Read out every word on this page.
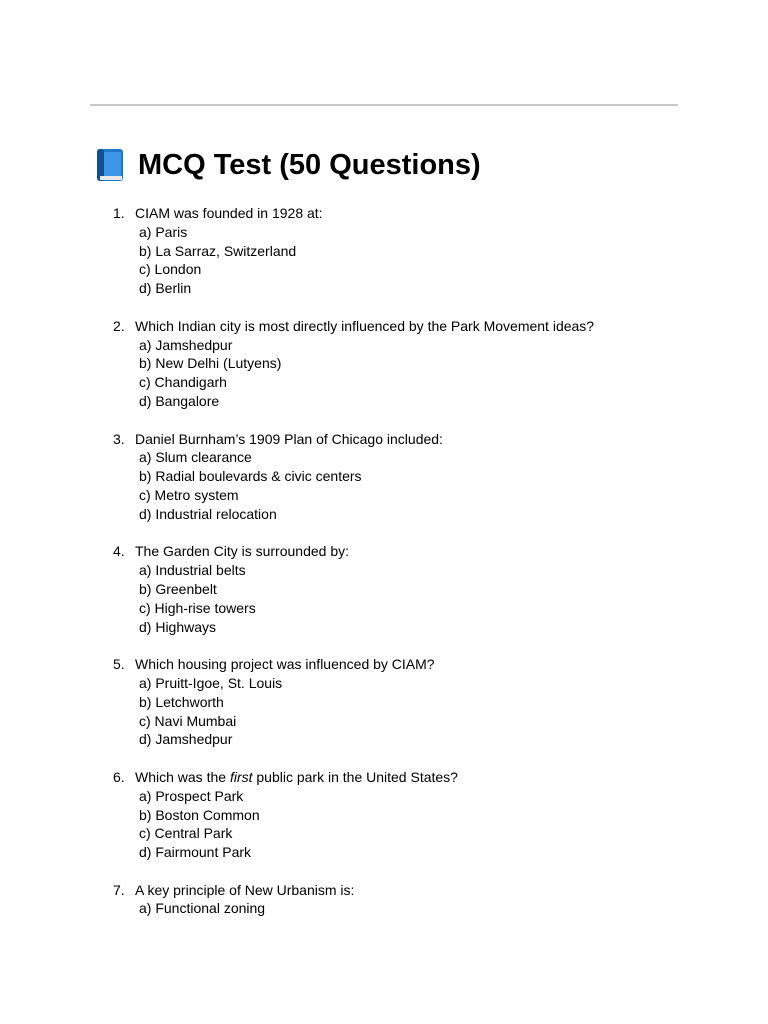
MCQ Test (50 Questions)
1. CIAM was founded in 1928 at:
a) Paris
b) La Sarraz, Switzerland
c) London
d) Berlin
2. Which Indian city is most directly influenced by the Park Movement ideas?
a) Jamshedpur
b) New Delhi (Lutyens)
c) Chandigarh
d) Bangalore
3. Daniel Burnham’s 1909 Plan of Chicago included:
a) Slum clearance
b) Radial boulevards & civic centers
c) Metro system
d) Industrial relocation
4. The Garden City is surrounded by:
a) Industrial belts
b) Greenbelt
c) High-rise towers
d) Highways
5. Which housing project was influenced by CIAM?
a) Pruitt-Igoe, St. Louis
b) Letchworth
c) Navi Mumbai
d) Jamshedpur
6. Which was the first public park in the United States?
a) Prospect Park
b) Boston Common
c) Central Park
d) Fairmount Park
7. A key principle of New Urbanism is:
a) Functional zoning
